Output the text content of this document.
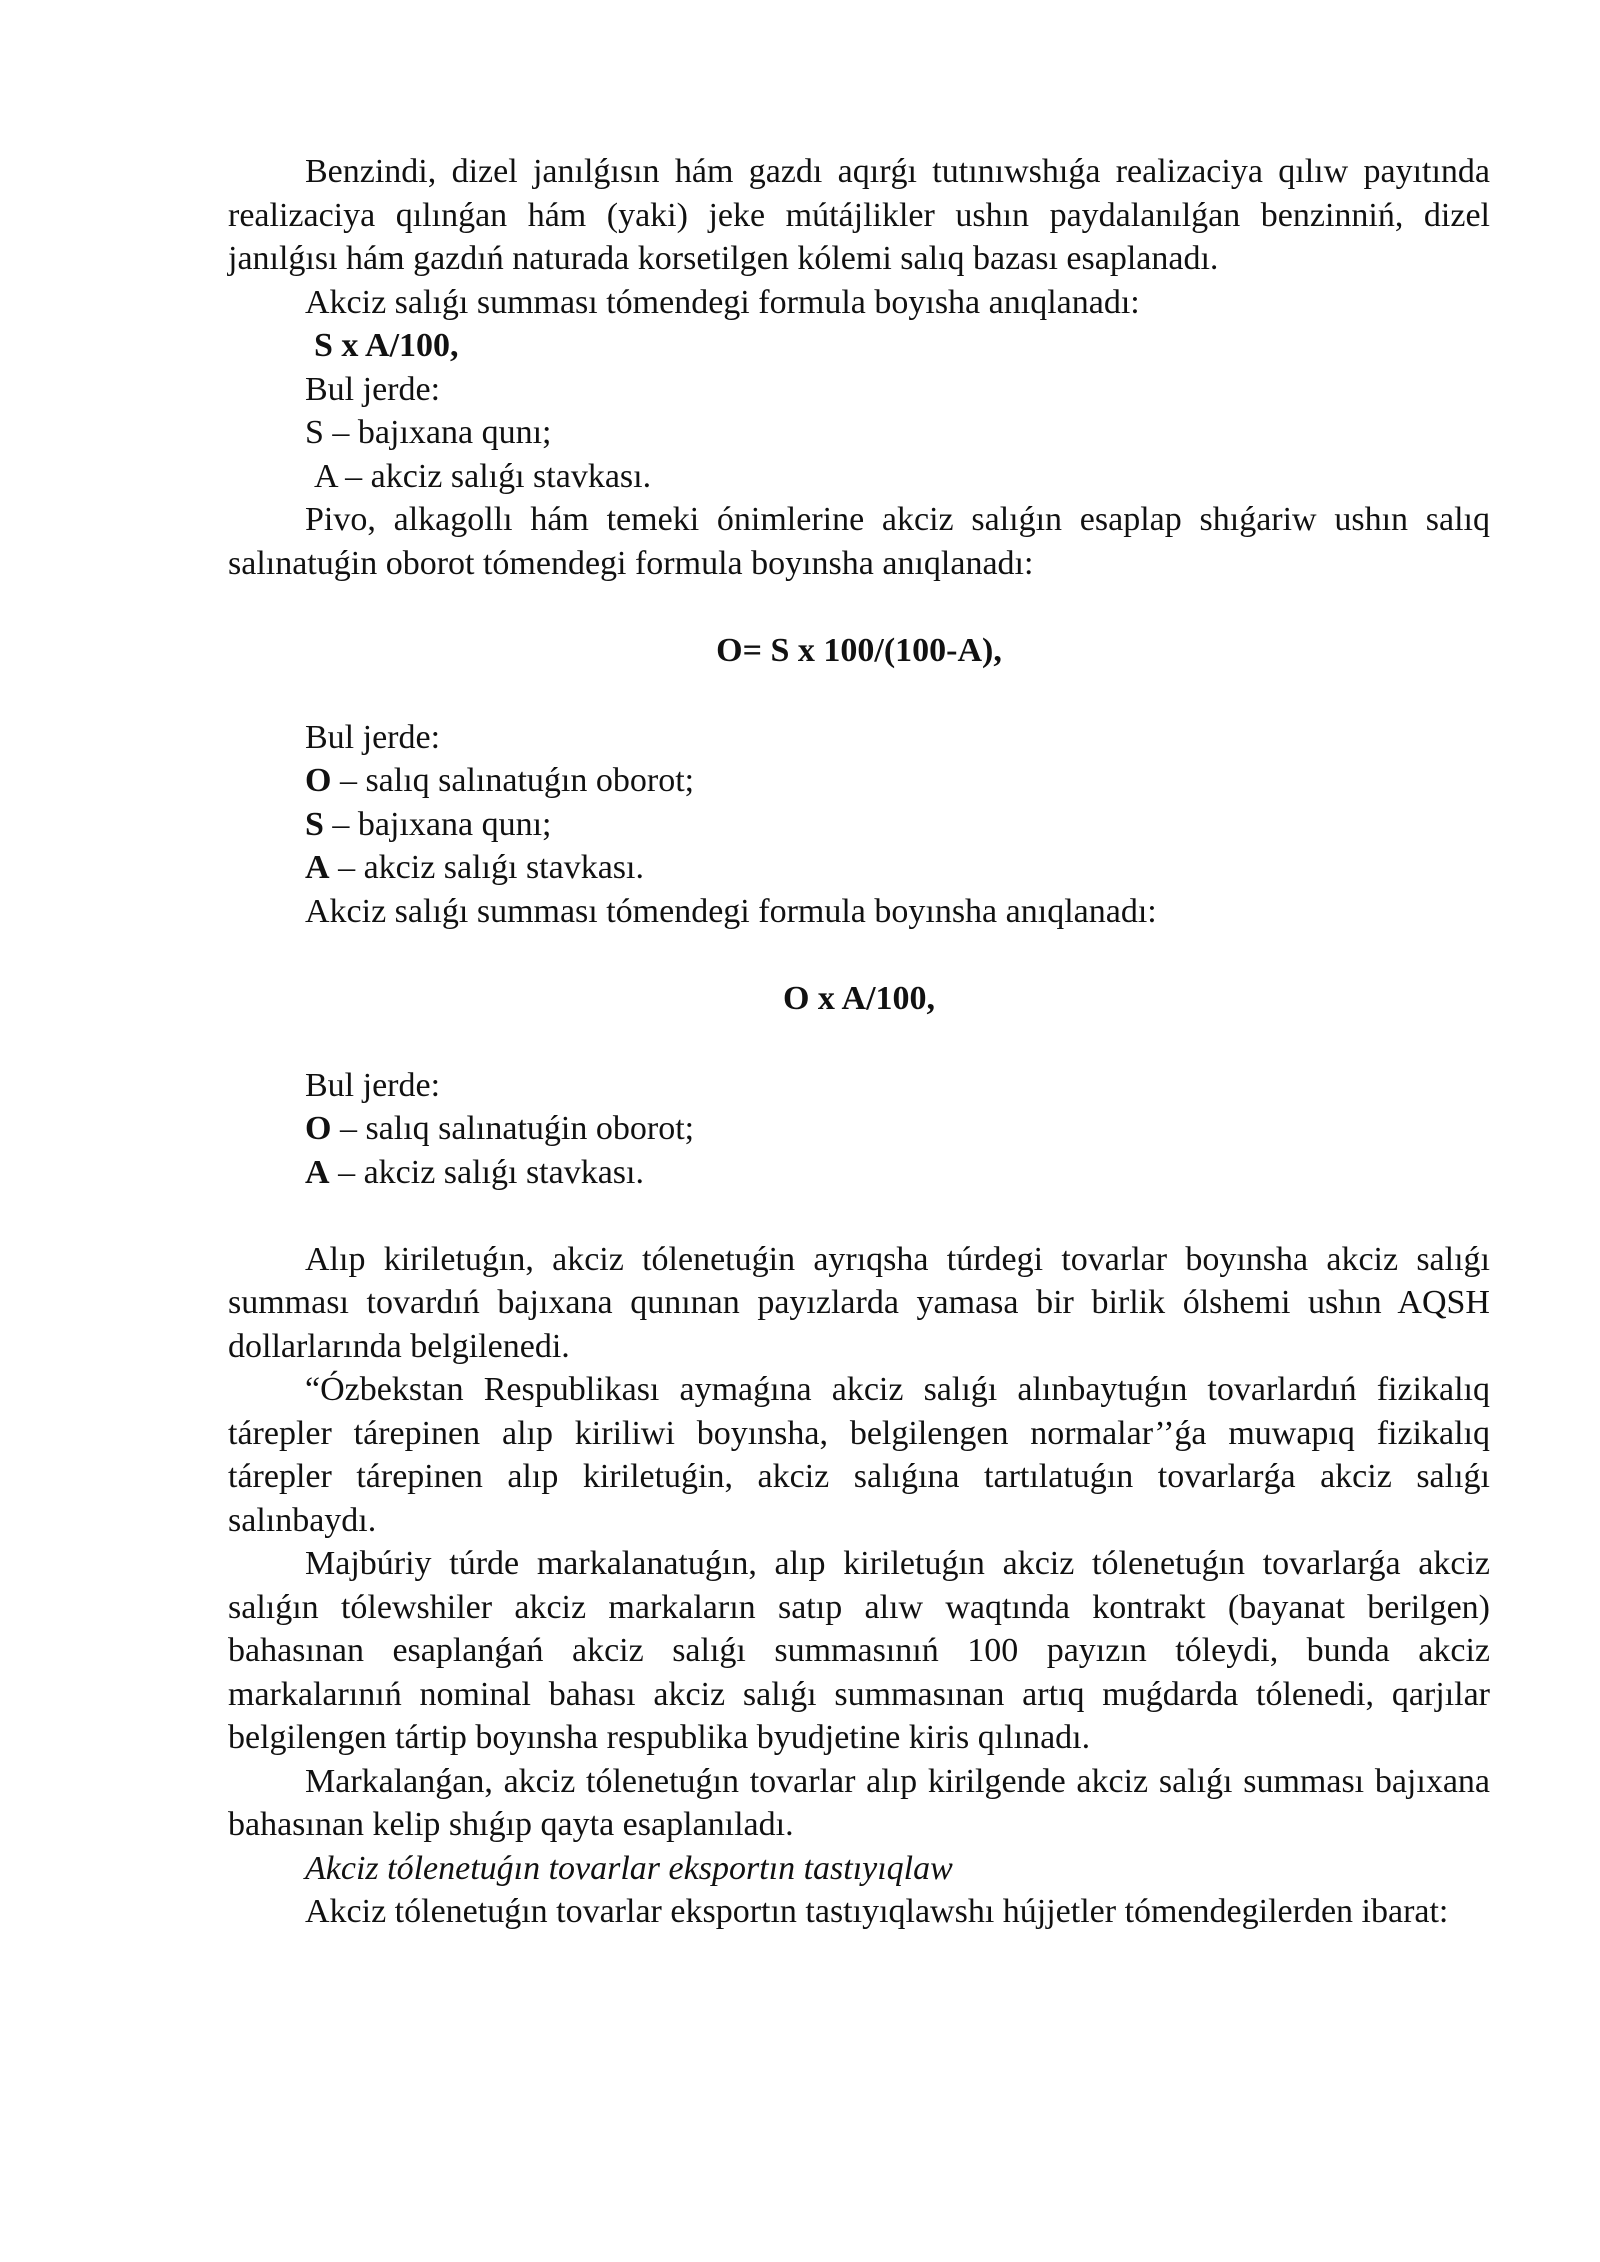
Benzindi, dizel janılǵısın hám gazdı aqırǵı tutınıwshıǵa realizaciya qılıw payıtında realizaciya qılınǵan hám (yaki) jeke mútájlikler ushın paydalanılǵan benzinniń, dizel janılǵısı hám gazdıń naturada korsetilgen kólemi salıq bazası esaplanadı.

Akciz salıǵı summası tómendegi formula boyısha anıqlanadı:

S x A/100,

Bul jerde:

S – bajıxana qunı;

A – akciz salıǵı stavkası.

Pivo, alkagollı hám temeki ónimlerine akciz salıǵın esaplap shıǵariw ushın salıq salınatuǵin oborot tómendegi formula boyınsha anıqlanadı:

O= S x 100/(100-A),

Bul jerde:

O – salıq salınatuǵın oborot;

S – bajıxana qunı;

A – akciz salıǵı stavkası.

Akciz salıǵı summası tómendegi formula boyınsha anıqlanadı:

O x A/100,

Bul jerde:

O – salıq salınatuǵin oborot;

A – akciz salıǵı stavkası.

Alıp kiriletuǵın, akciz tólenetuǵin ayrıqsha túrdegi tovarlar boyınsha akciz salıǵı summası tovardıń bajıxana qunınan payızlarda yamasa bir birlik ólshemi ushın AQSH dollarlarında belgilenedi.

“Ózbekstan Respublikası aymaǵına akciz salıǵı alınbaytuǵın tovarlardıń fizikalıq tárepler tárepinen alıp kiriliwi boyınsha, belgilengen normalar’’ǵa muwapıq fizikalıq tárepler tárepinen alıp kiriletuǵin, akciz salıǵına tartılatuǵın tovarlarǵa akciz salıǵı salınbaydı.

Majbúriy túrde markalanatuǵın, alıp kiriletuǵın akciz tólenetuǵın tovarlarǵa akciz salıǵın tólewshiler akciz markaların satıp alıw waqtında kontrakt (bayanat berilgen) bahasınan esaplanǵań akciz salıǵı summasınıń 100 payızın tóleydi, bunda akciz markalarınıń nominal bahası akciz salıǵı summasınan artıq muǵdarda tólenedi, qarjılar belgilengen tártip boyınsha respublika byudjetine kiris qılınadı.

Markalanǵan, akciz tólenetuǵın tovarlar alıp kirilgende akciz salıǵı summası bajıxana bahasınan kelip shıǵıp qayta esaplanıladı.

Akciz tólenetuǵın tovarlar eksportın tastıyıqlaw

Akciz tólenetuǵın tovarlar eksportın tastıyıqlawshı hújjetler tómendegilerden ibarat:
